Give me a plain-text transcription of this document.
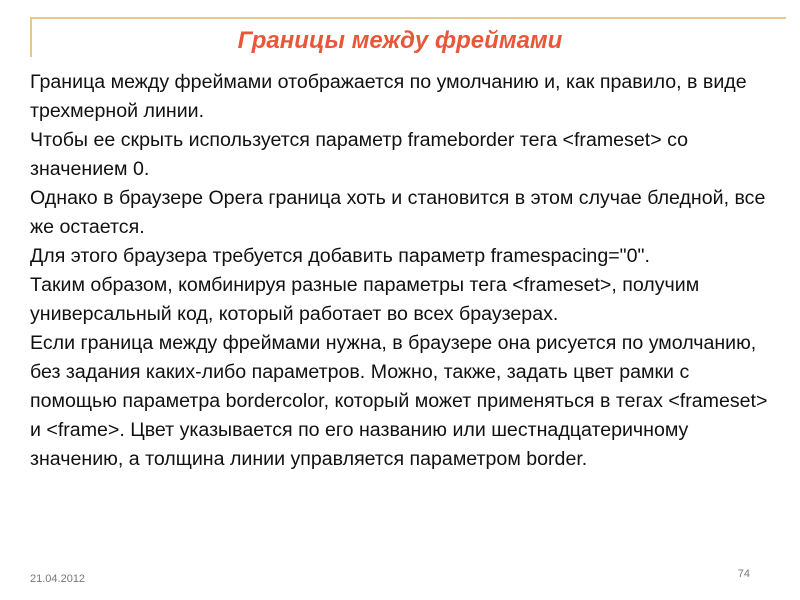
Границы между фреймами
Граница между фреймами отображается по умолчанию и, как правило, в виде трехмерной линии.
Чтобы ее скрыть используется параметр frameborder тега <frameset> со значением 0.
Однако в браузере Opera граница хоть и становится в этом случае бледной, все же остается.
Для этого браузера требуется добавить параметр framespacing="0".
Таким образом, комбинируя разные параметры тега <frameset>, получим универсальный код, который работает во всех браузерах.
Если граница между фреймами нужна, в браузере она рисуется по умолчанию, без задания каких-либо параметров. Можно, также, задать цвет рамки с помощью параметра bordercolor, который может применяться в тегах <frameset> и <frame>. Цвет указывается по его названию или шестнадцатеричному значению, а толщина линии управляется параметром border.
21.04.2012	74
